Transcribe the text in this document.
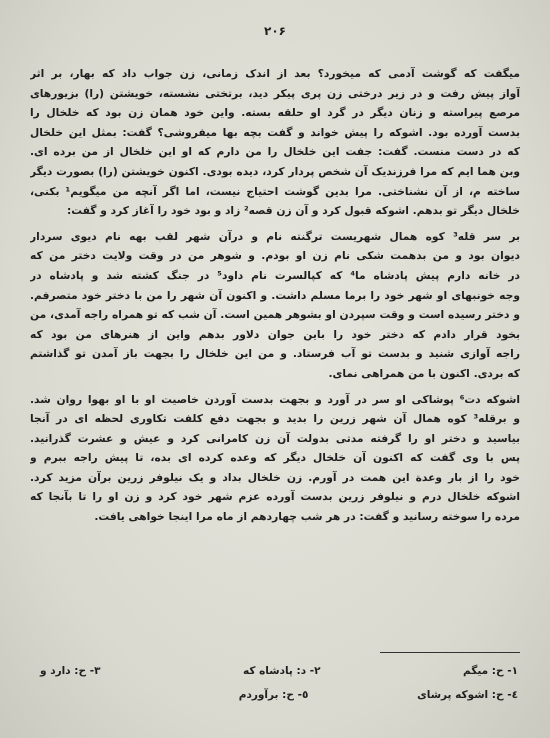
۲۰۶
میگفت که گوشت آدمی که میخورد؟ بعد از اندک زمانی، زن جواب داد که بهار، بر اثر
آواز پیش رفت و در زیر درختی زن پری پیکر دید، برتختی نشسته، خویشتن (را) بزیورهای
مرصع پیراسته و زنان دیگر در گرد او حلقه بسته. واین خود همان زن بود که خلخال را
بدست آورده بود. اشوکه را پیش خواند و گفت بچه بها میفروشی؟ گفت: بمثل این خلخال
که در دست منست. گفت: جفت این خلخال را من دارم که او این خلخال از من برده ای.
وبن هما ایم که مرا فرزندیک آن شخص پردار کرد، دیده بودی. اکنون خویشتن (را) بصورت دیگر
ساخته م، از آن نشناختی. مرا بدین گوشت احتیاج نیست، اما اگر آنچه من میگویم¹ بکنی،
خلخال دیگر تو بدهم. اشوکه قبول کرد و آن زن قصه² زاد و بود خود را آغاز کرد و گفت:
بر سر قله³ کوه همال شهریست ترگنته نام و درآن شهر لقب بهه نام دیوی سردار
دیوان بود و من بدهمت شکی نام زن او بودم. و شوهر من در وقت ولایت دختر من که
در خانه دارم پیش پادشاه ما⁴ که کپالسرت نام داود⁵ در جنگ کشته شد و پادشاه در
وجه خونبهای او شهر خود را برما مسلم داشت. و اکنون آن شهر را من با دختر خود متصرفم.
و دختر رسیده است و وقت سپردن او بشوهر همین است. آن شب که تو همراه راجه آمدی، من
بخود قرار دادم که دختر خود را باین جوان دلاور بدهم واین از هنرهای من بود که
راجه آوازی شنید و بدست تو آب فرستاد. و من این خلخال را بجهت باز آمدن تو گذاشتم
که بردی. اکنون با من همراهی نمای.
اشوکه دت⁶ پوشاکی او سر در آورد و بجهت بدست آوردن خاصیت او با او بهوا روان شد.
و برقله³ کوه همال آن شهر زرین را بدید و بجهت دفع کلفت تکاوری لحظه ای در آنجا
بیاسید و دختر او را گرفته مدتی بدولت آن زن کامرانی کرد و عیش و عشرت گذرانید.
پس با وی گفت که اکنون آن خلخال دیگر که وعده کرده ای بده، تا پیش راجه ببرم و
خود را از بار وعدة این همت در آورم. زن خلخال بداد و یک نیلوفر زرین برآن مزید کرد.
اشوکه خلخال درم و نیلوفر زرین بدست آورده عزم شهر خود کرد و زن او را تا بآنجا که
مرده را سوخته رسانید و گفت: در هر شب چهاردهم از ماه مرا اینجا خواهی یافت.
۱- ح: میگم
۲- د: پادشاه که
۳- ح: دارد و
٤- ح: اشوکه پرشای
٥- ح: برآوردم
